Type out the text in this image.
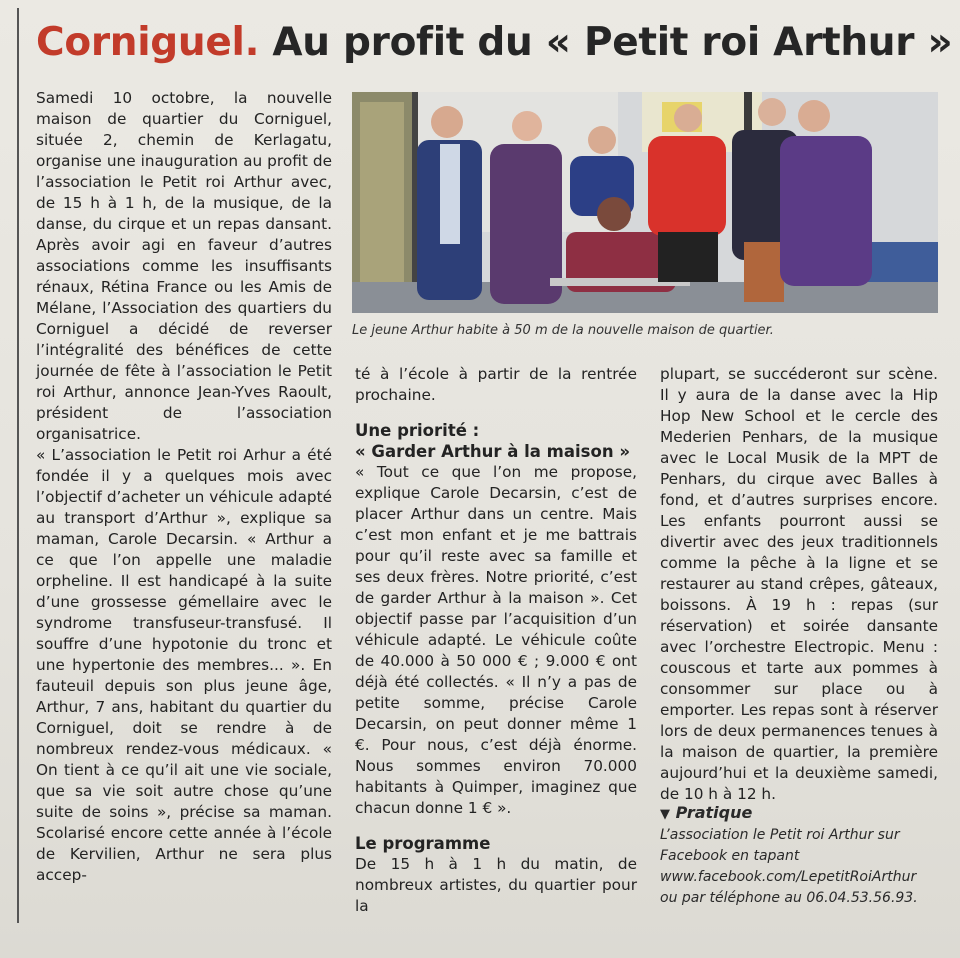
Corniguel. Au profit du « Petit roi Arthur »

Samedi 10 octobre, la nouvelle maison de quartier du Corniguel, située 2, chemin de Kerlagatu, organise une inauguration au profit de l’association le Petit roi Arthur avec, de 15 h à 1 h, de la musique, de la danse, du cirque et un repas dansant. Après avoir agi en faveur d’autres associations comme les insuffisants rénaux, Rétina France ou les Amis de Mélane, l’Association des quartiers du Corniguel a décidé de reverser l’intégralité des bénéfices de cette journée de fête à l’association le Petit roi Arthur, annonce Jean-Yves Raoult, président de l’association organisatrice.

« L’association le Petit roi Arhur a été fondée il y a quelques mois avec l’objectif d’acheter un véhicule adapté au transport d’Arthur », explique sa maman, Carole Decarsin. « Arthur a ce que l’on appelle une maladie orpheline. Il est handicapé à la suite d’une grossesse gémellaire avec le syndrome transfuseur-transfusé. Il souffre d’une hypotonie du tronc et une hypertonie des membres... ». En fauteuil depuis son plus jeune âge, Arthur, 7 ans, habitant du quartier du Corniguel, doit se rendre à de nombreux rendez-vous médicaux. « On tient à ce qu’il ait une vie sociale, que sa vie soit autre chose qu’une suite de soins », précise sa maman. Scolarisé encore cette année à l’école de Kervilien, Arthur ne sera plus accep-

Le jeune Arthur habite à 50 m de la nouvelle maison de quartier.

té à l’école à partir de la rentrée prochaine.

Une priorité :
« Garder Arthur à la maison »

« Tout ce que l’on me propose, explique Carole Decarsin, c’est de placer Arthur dans un centre. Mais c’est mon enfant et je me battrais pour qu’il reste avec sa famille et ses deux frères. Notre priorité, c’est de garder Arthur à la maison ». Cet objectif passe par l’acquisition d’un véhicule adapté. Le véhicule coûte de 40.000 à 50 000 € ; 9.000 € ont déjà été collectés. « Il n’y a pas de petite somme, précise Carole Decarsin, on peut donner même 1 €. Pour nous, c’est déjà énorme. Nous sommes environ 70.000 habitants à Quimper, imaginez que chacun donne 1 € ».

Le programme

De 15 h à 1 h du matin, de nombreux artistes, du quartier pour la

plupart, se succéderont sur scène. Il y aura de la danse avec la Hip Hop New School et le cercle des Mederien Penhars, de la musique avec le Local Musik de la MPT de Penhars, du cirque avec Balles à fond, et d’autres surprises encore. Les enfants pourront aussi se divertir avec des jeux traditionnels comme la pêche à la ligne et se restaurer au stand crêpes, gâteaux, boissons. À 19 h : repas (sur réservation) et soirée dansante avec l’orchestre Electropic. Menu : couscous et tarte aux pommes à consommer sur place ou à emporter. Les repas sont à réserver lors de deux permanences tenues à la maison de quartier, la première aujourd’hui et la deuxième samedi, de 10 h à 12 h.

▼ Pratique
L’association le Petit roi Arthur sur
Facebook en tapant
www.facebook.com/LepetitRoiArthur
ou par téléphone au 06.04.53.56.93.
